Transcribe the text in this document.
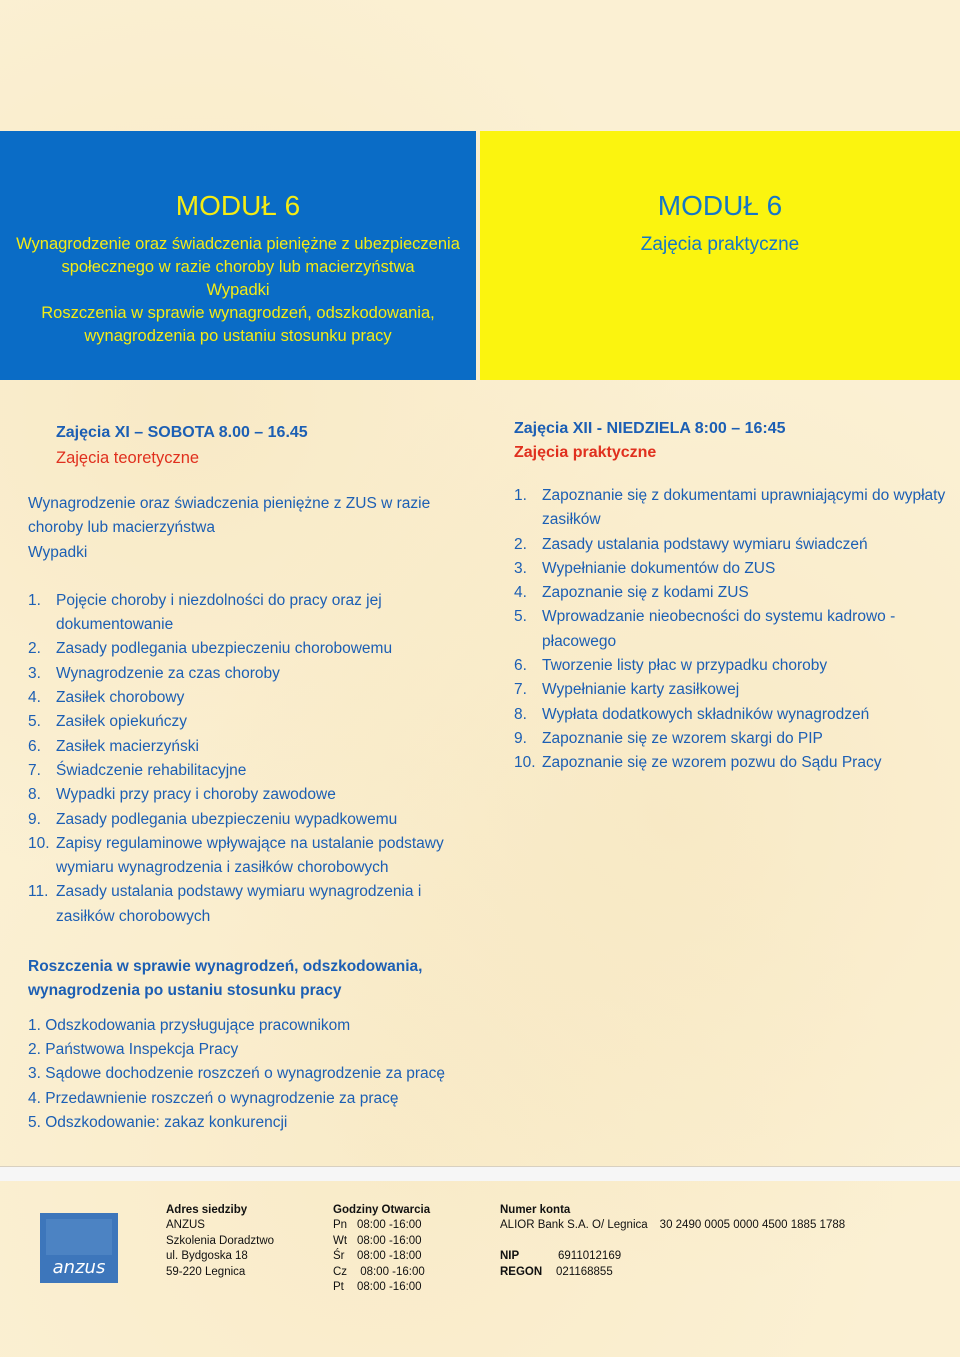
MODUŁ 6
Wynagrodzenie oraz świadczenia pieniężne z ubezpieczenia
społecznego w razie choroby lub macierzyństwa
Wypadki
Roszczenia w sprawie wynagrodzeń, odszkodowania,
wynagrodzenia po ustaniu stosunku pracy
MODUŁ 6
Zajęcia praktyczne
Zajęcia XI – SOBOTA 8.00 – 16.45
Zajęcia teoretyczne
Wynagrodzenie oraz świadczenia pieniężne z ZUS w razie
choroby lub macierzyństwa
Wypadki
1. Pojęcie choroby i niezdolności do pracy oraz jej
dokumentowanie
2. Zasady podlegania ubezpieczeniu chorobowemu
3. Wynagrodzenie za czas choroby
4. Zasiłek chorobowy
5. Zasiłek opiekuńczy
6. Zasiłek macierzyński
7. Świadczenie rehabilitacyjne
8. Wypadki przy pracy i choroby zawodowe
9. Zasady podlegania ubezpieczeniu wypadkowemu
10. Zapisy regulaminowe wpływające na ustalanie podstawy
wymiaru wynagrodzenia i zasiłków chorobowych
11. Zasady ustalania podstawy wymiaru wynagrodzenia i
zasiłków chorobowych
Roszczenia w sprawie wynagrodzeń, odszkodowania,
wynagrodzenia po ustaniu stosunku pracy
1. Odszkodowania przysługujące pracownikom
2. Państwowa Inspekcja Pracy
3. Sądowe dochodzenie roszczeń o wynagrodzenie za pracę
4. Przedawnienie roszczeń o wynagrodzenie za pracę
5. Odszkodowanie: zakaz konkurencji
Zajęcia XII - NIEDZIELA 8:00 – 16:45
Zajęcia praktyczne
1. Zapoznanie się z dokumentami uprawniającymi do wypłaty
zasiłków
2. Zasady ustalania podstawy wymiaru świadczeń
3. Wypełnianie dokumentów do ZUS
4. Zapoznanie się z kodami ZUS
5. Wprowadzanie nieobecności do systemu kadrowo -
płacowego
6. Tworzenie listy płac w przypadku choroby
7. Wypełnianie karty zasiłkowej
8. Wypłata dodatkowych składników wynagrodzeń
9. Zapoznanie się ze wzorem skargi do PIP
10. Zapoznanie się ze wzorem pozwu do Sądu Pracy
anzus
Adres siedziby
ANZUS
Szkolenia Doradztwo
ul. Bydgoska 18
59-220 Legnica
Godziny Otwarcia
Pn 08:00 -16:00
Wt 08:00 -16:00
Śr 08:00 -18:00
Cz 08:00 -16:00
Pt 08:00 -16:00
Numer konta
ALIOR Bank S.A. O/ Legnica 30 2490 0005 0000 4500 1885 1788
NIP	6911012169
REGON 021168855
